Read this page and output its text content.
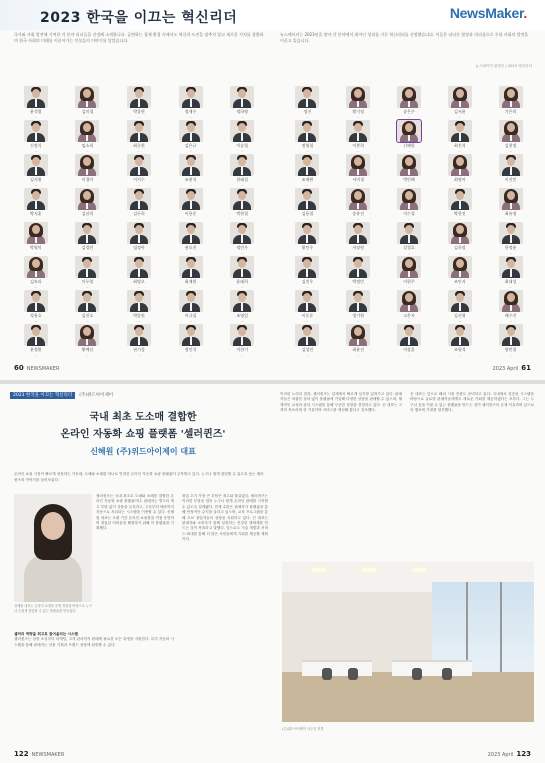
2023 한국을 이끄는 혁신리더	NewsMaker.

국가와 사회 발전에 기여한 각 분야 리더들을 선정해 소개합니다. 급변하는 경제 환경 속에서도 혁신과 도전을 멈추지 않고 새로운 가치를 창출하며 한국 사회의 미래를 이끌어가는 인물들의 이야기를 담았습니다.

뉴스메이커는 2023년을 맞아 각 분야에서 뛰어난 성과를 거둔 혁신리더를 선정했습니다. 이들은 남다른 열정과 리더십으로 우리 사회의 발전을 이끌고 있습니다.

뉴스메이커 편집부 / 2023 혁신리더
윤석열
—
김미경
—
박창현
—
정재우
—
정하영
—
신정식
—
임소희
—
최중현
—
김은규
—
이승철
—
김지원
—
이경아
—
이지수
—
조현석
—
한태섭
—
박지훈
—
김선희
—
김두희
—
이용준
—
박현철
—
박영미
—
김경민
—
임정아
—
권오진
—
정민우
—
김보라
—
이두열
—
최명오
—
최재원
—
윤태희
—
정용호
—
김진호
—
박종현
—
이규섭
—
조영일
—
윤정환
—
황예선
—
권기성
—
정인석
—
이한기
—
정진
—
황기정
—
송은주
—
김서윤
—
기은희
—
정영철
—
이봉희
—
신혜원
—
최진석
—
김현정
—
조재완
—
서미경
—
박인혜
—
최명아
—
이선민
—
김용철
—
송유진
—
이수경
—
박한진
—
최유정
—
황민우
—
서장원
—
강경호
—
김희정
—
한정윤
—
김진우
—
박정민
—
이현주
—
조민서
—
최대성
—
이동준
—
정기원
—
고은지
—
김선형
—
배수진
—
김성민
—
최윤진
—
이상훈
—
조원석
—
양민철
—
60 NEWSMAKER	2023 April 61
2023 한국을 이끄는 혁신리더 (주)위드아이제이
국내 최초 도소매 결합한
온라인 자동화 쇼핑 플랫폼 '셀러퀸즈'
신혜원 (주)위드아이제이 대표

온라인 쇼핑 시장이 빠르게 성장하는 가운데, 도매와 소매를 하나로 연결한 온라인 자동화 쇼핑 플랫폼이 주목받고 있다. 누구나 쉽게 창업할 수 있도록 돕는 셀러퀸즈의 이야기를 들어보았다.

신혜원 대표는 온라인 쇼핑몰 운영 경험을 바탕으로 누구나 손쉽게 창업할 수 있는 플랫폼을 만들었다.

셀러퀸즈는 국내 최초로 도매와 소매를 결합한 온라인 자동화 쇼핑 플랫폼이다. 판매자는 별도의 재고 부담 없이 상품을 등록하고, 주문부터 배송까지 자동으로 처리되는 시스템을 이용할 수 있다. 신혜원 대표는 오랜 기간 온라인 쇼핑몰을 직접 운영하며 겪었던 어려움을 해결하기 위해 이 플랫폼을 기획했다.

창업 초기 가장 큰 부담은 재고와 물류였다. 셀러퀸즈는 이러한 부담을 덜어 누구나 쉽게 온라인 판매를 시작할 수 있도록 설계됐다. 현재 수많은 판매자가 플랫폼을 통해 안정적인 수익을 올리고 있으며, 교육 프로그램을 통해 초보 창업자들의 성장을 지원하고 있다. 신 대표는 판매자와 소비자가 함께 성장하는 건강한 생태계를 만드는 것이 목표라고 말했다. 앞으로도 기술 개발과 서비스 확대를 통해 더 많은 사람들에게 기회를 제공할 계획이다.

셀러의 역량을 최고로 끌어올리는 시스템

셀러퀸즈는 상품 소싱부터 마케팅, 고객 관리까지 판매에 필요한 모든 과정을 지원한다. 특히 자동화 시스템을 통해 판매자는 상품 기획과 브랜드 성장에 집중할 수 있다.

이러한 노력의 결과, 셀러퀸즈는 업계에서 빠르게 입지를 넓혀가고 있다. 판매자들은 복잡한 절차 없이 플랫폼에 가입해 다양한 상품을 판매할 수 있으며, 체계적인 교육과 관리 시스템을 통해 꾸준한 성장을 경험하고 있다. 신 대표는 고객의 목소리에 귀 기울이며 서비스를 개선해 왔다고 강조했다.

신 대표는 앞으로 해외 시장 진출도 준비하고 있다. 국내에서 검증된 시스템을 바탕으로 글로벌 판매자들에게도 새로운 기회를 제공하겠다는 포부다. 그는 누구나 꿈을 이룰 수 있는 플랫폼을 만드는 것이 셀러퀸즈의 존재 이유라며 앞으로의 행보에 기대를 당부했다.

(주)위드아이제이 사무실 전경
122 NEWSMAKER	2023 April 123
